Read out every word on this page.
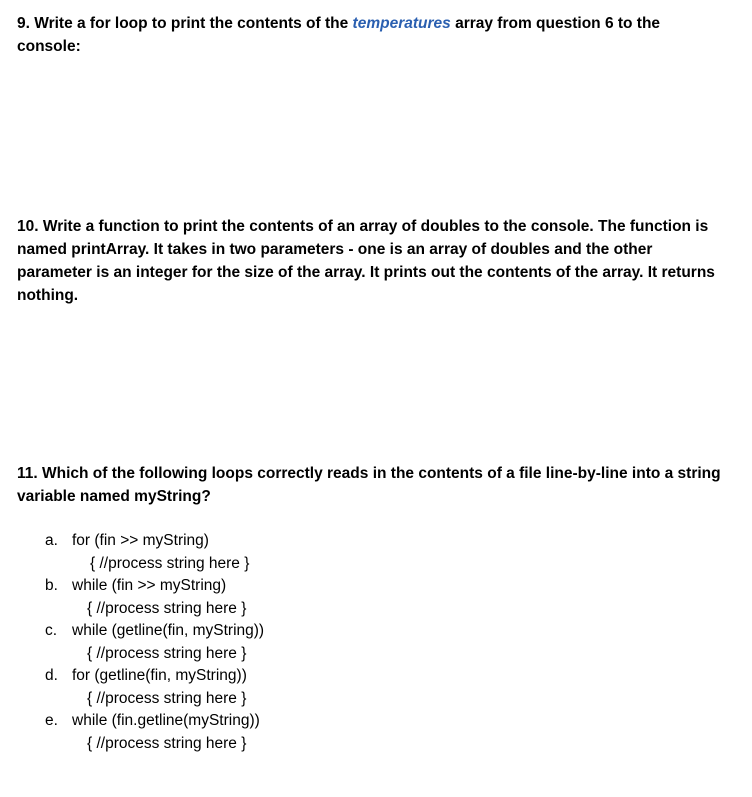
9. Write a for loop to print the contents of the temperatures array from question 6 to the console:

10. Write a function to print the contents of an array of doubles to the console. The function is named printArray. It takes in two parameters - one is an array of doubles and the other parameter is an integer for the size of the array. It prints out the contents of the array. It returns nothing.

11. Which of the following loops correctly reads in the contents of a file line-by-line into a string variable named myString?

a. for (fin >> myString)
{ //process string here }
b. while (fin >> myString)
{ //process string here }
c. while (getline(fin, myString))
{ //process string here }
d. for (getline(fin, myString))
{ //process string here }
e. while (fin.getline(myString))
{ //process string here }
